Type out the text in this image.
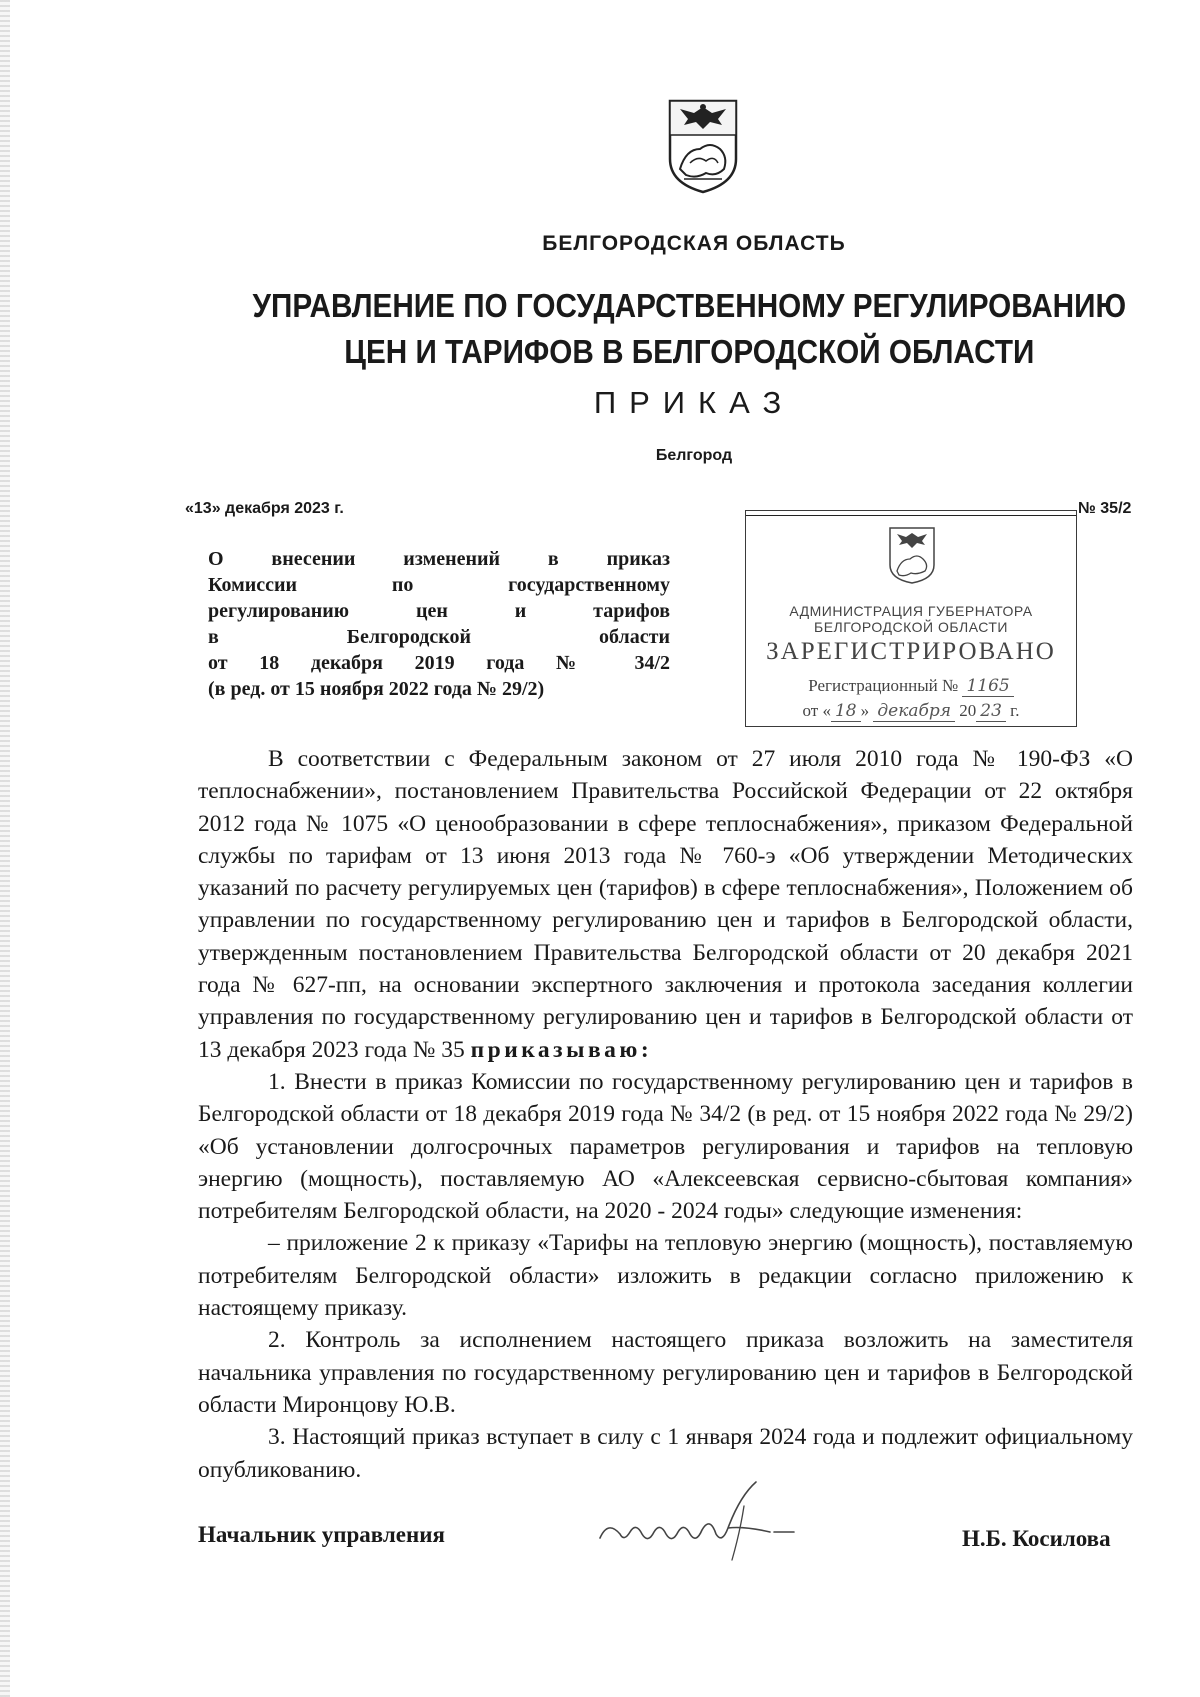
БЕЛГОРОДСКАЯ ОБЛАСТЬ
УПРАВЛЕНИЕ ПО ГОСУДАРСТВЕННОМУ РЕГУЛИРОВАНИЮ
ЦЕН И ТАРИФОВ В БЕЛГОРОДСКОЙ ОБЛАСТИ
ПРИКАЗ
Белгород
«13» декабря 2023 г.	№ 35/2
О внесении изменений в приказ
Комиссии по государственному
регулированию цен и тарифов
в Белгородской области
от 18 декабря 2019 года № 34/2
(в ред. от 15 ноября 2022 года № 29/2)
АДМИНИСТРАЦИЯ ГУБЕРНАТОРА
БЕЛГОРОДСКОЙ ОБЛАСТИ
ЗАРЕГИСТРИРОВАНО
Регистрационный № 1165
от « 18 » декабря 20 23 г.

В соответствии с Федеральным законом от 27 июля 2010 года № 190-ФЗ «О теплоснабжении», постановлением Правительства Российской Федерации от 22 октября 2012 года № 1075 «О ценообразовании в сфере теплоснабжения», приказом Федеральной службы по тарифам от 13 июня 2013 года № 760-э «Об утверждении Методических указаний по расчету регулируемых цен (тарифов) в сфере теплоснабжения», Положением об управлении по государственному регулированию цен и тарифов в Белгородской области, утвержденным постановлением Правительства Белгородской области от 20 декабря 2021 года № 627-пп, на основании экспертного заключения и протокола заседания коллегии управления по государственному регулированию цен и тарифов в Белгородской области от 13 декабря 2023 года № 35 приказываю:

1. Внести в приказ Комиссии по государственному регулированию цен и тарифов в Белгородской области от 18 декабря 2019 года № 34/2 (в ред. от 15 ноября 2022 года № 29/2) «Об установлении долгосрочных параметров регулирования и тарифов на тепловую энергию (мощность), поставляемую АО «Алексеевская сервисно-сбытовая компания» потребителям Белгородской области, на 2020 - 2024 годы» следующие изменения:

– приложение 2 к приказу «Тарифы на тепловую энергию (мощность), поставляемую потребителям Белгородской области» изложить в редакции согласно приложению к настоящему приказу.

2. Контроль за исполнением настоящего приказа возложить на заместителя начальника управления по государственному регулированию цен и тарифов в Белгородской области Миронцову Ю.В.

3. Настоящий приказ вступает в силу с 1 января 2024 года и подлежит официальному опубликованию.

Начальник управления	Н.Б. Косилова
